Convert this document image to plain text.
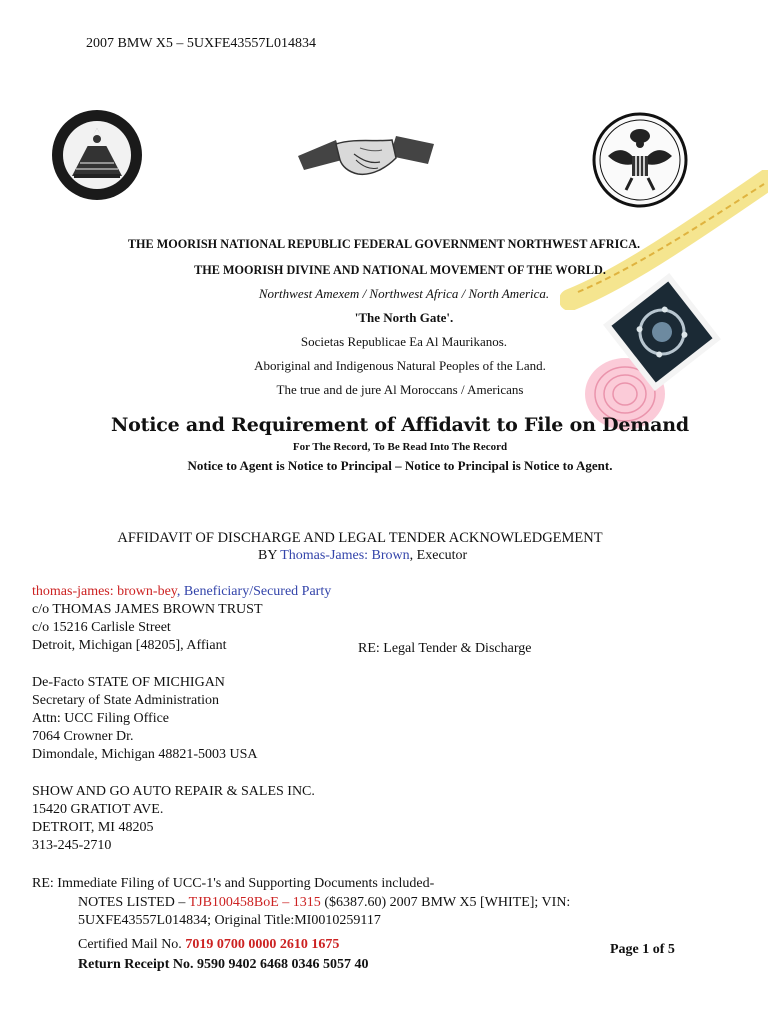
2007 BMW X5 – 5UXFE43557L014834
THE MOORISH NATIONAL REPUBLIC FEDERAL GOVERNMENT NORTHWEST AFRICA.
THE MOORISH DIVINE AND NATIONAL MOVEMENT OF THE WORLD.
Northwest Amexem / Northwest Africa / North America.
'The North Gate'.
Societas Republicae Ea Al Maurikanos.
Aboriginal and Indigenous Natural Peoples of the Land.
The true and de jure Al Moroccans / Americans
Notice and Requirement of Affidavit to File on Demand
For The Record, To Be Read Into The Record
Notice to Agent is Notice to Principal – Notice to Principal is Notice to Agent.
AFFIDAVIT OF DISCHARGE AND LEGAL TENDER ACKNOWLEDGEMENT
BY Thomas-James: Brown, Executor
thomas-james: brown-bey, Beneficiary/Secured Party
c/o THOMAS JAMES BROWN TRUST
c/o 15216 Carlisle Street
Detroit, Michigan [48205], Affiant	RE: Legal Tender & Discharge
De-Facto STATE OF MICHIGAN
Secretary of State Administration
Attn: UCC Filing Office
7064 Crowner Dr.
Dimondale, Michigan 48821-5003 USA
SHOW AND GO AUTO REPAIR & SALES INC.
15420 GRATIOT AVE.
DETROIT, MI 48205
313-245-2710
RE: Immediate Filing of UCC-1's and Supporting Documents included-
NOTES LISTED – TJB100458BoE – 1315 ($6387.60) 2007 BMW X5 [WHITE]; VIN:
5UXFE43557L014834; Original Title:MI0010259117
Certified Mail No. 7019 0700 0000 2610 1675
Return Receipt No. 9590 9402 6468 0346 5057 40
Page 1 of 5
